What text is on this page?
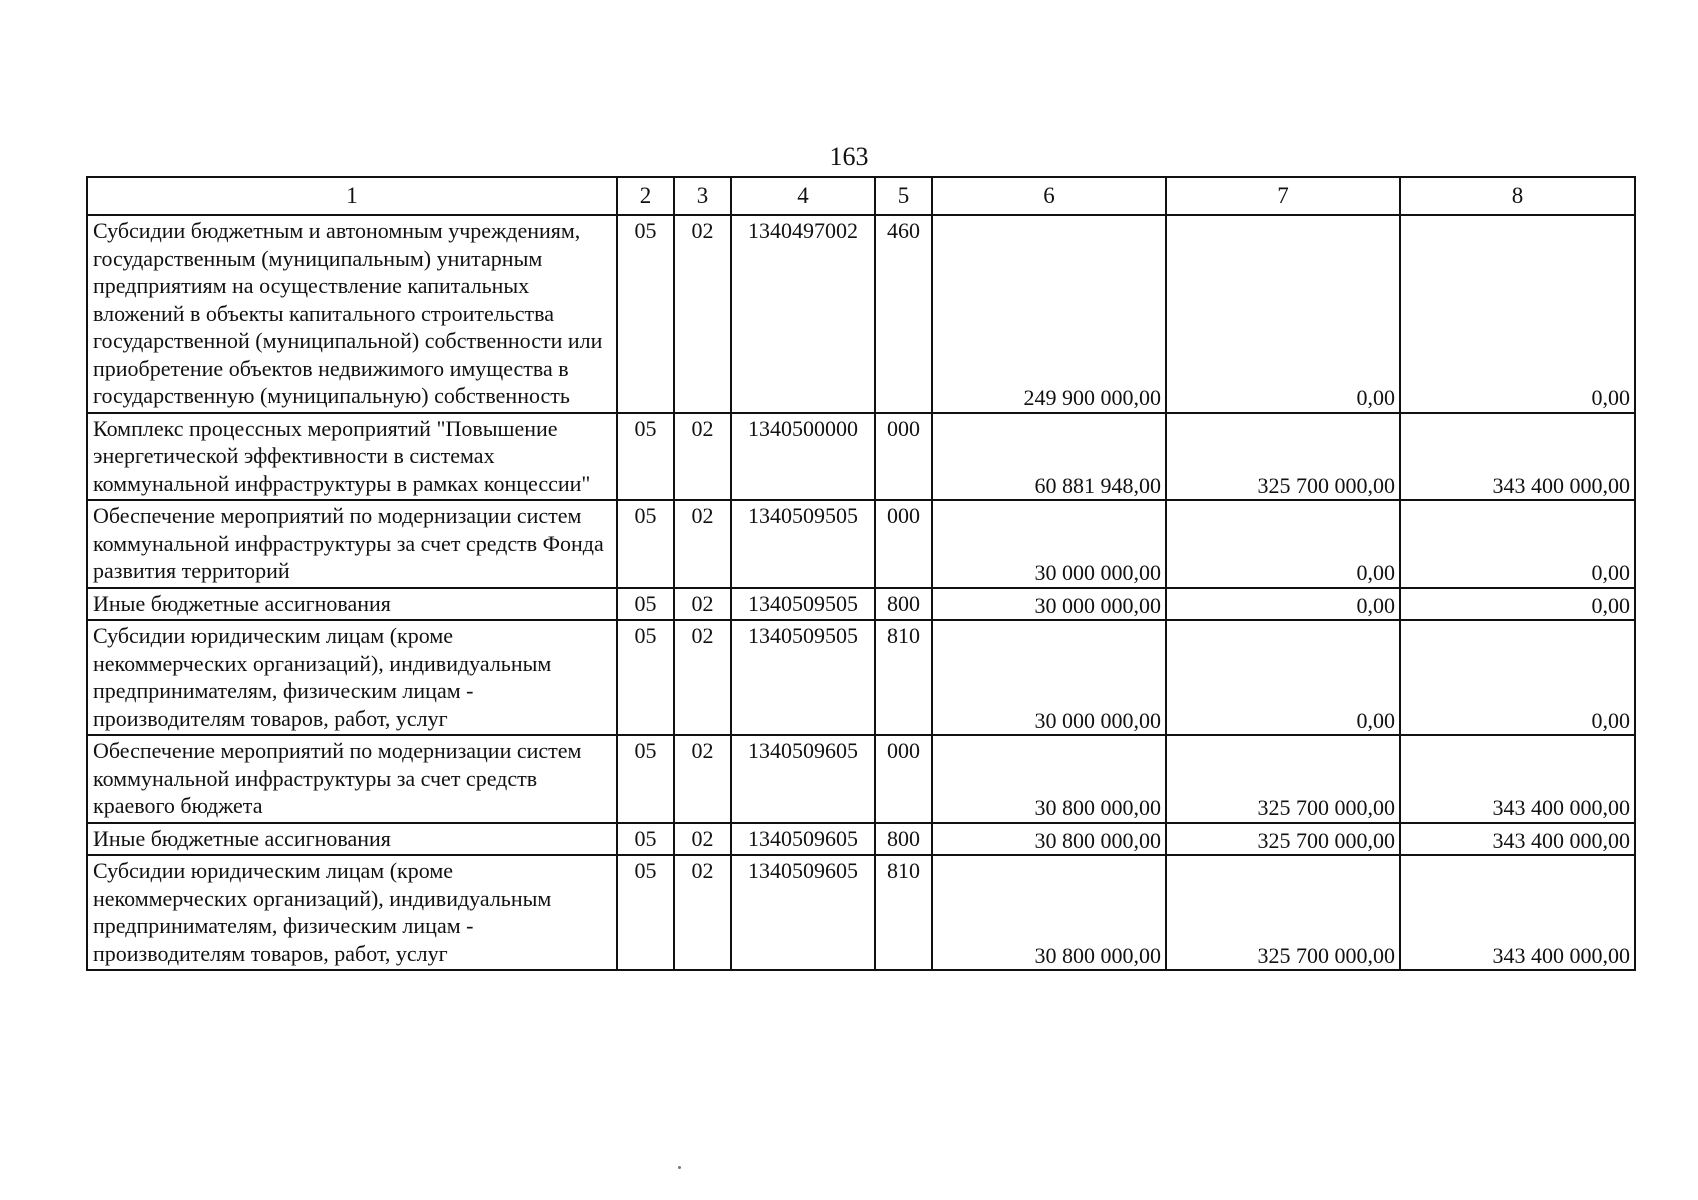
163
1	2	3	4	5	6	7	8
Субсидии бюджетным и автономным учреждениям, государственным (муниципальным) унитарным предприятиям на осуществление капитальных вложений в объекты капитального строительства государственной (муниципальной) собственности или приобретение объектов недвижимого имущества в государственную (муниципальную) собственность	05	02	1340497002	460	249 900 000,00	0,00	0,00
Комплекс процессных мероприятий "Повышение энергетической эффективности в системах коммунальной инфраструктуры в рамках концессии"	05	02	1340500000	000	60 881 948,00	325 700 000,00	343 400 000,00
Обеспечение мероприятий по модернизации систем коммунальной инфраструктуры за счет средств Фонда развития территорий	05	02	1340509505	000	30 000 000,00	0,00	0,00
Иные бюджетные ассигнования	05	02	1340509505	800	30 000 000,00	0,00	0,00
Субсидии юридическим лицам (кроме некоммерческих организаций), индивидуальным предпринимателям, физическим лицам - производителям товаров, работ, услуг	05	02	1340509505	810	30 000 000,00	0,00	0,00
Обеспечение мероприятий по модернизации систем коммунальной инфраструктуры за счет средств краевого бюджета	05	02	1340509605	000	30 800 000,00	325 700 000,00	343 400 000,00
Иные бюджетные ассигнования	05	02	1340509605	800	30 800 000,00	325 700 000,00	343 400 000,00
Субсидии юридическим лицам (кроме некоммерческих организаций), индивидуальным предпринимателям, физическим лицам - производителям товаров, работ, услуг	05	02	1340509605	810	30 800 000,00	325 700 000,00	343 400 000,00
